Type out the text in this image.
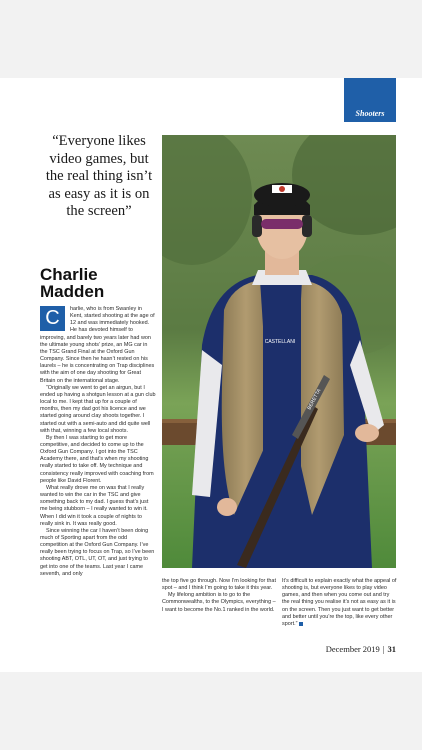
Shooters
“Everyone likes video games, but the real thing isn’t as easy as it is on the screen”
Charlie Madden
C	harlie, who is from Swanley in Kent, started shooting at the age of 12 and was immediately hooked. He has devoted himself to improving, and barely two years later had won the ultimate young shots’ prize, an MG car in the TSC Grand Final at the Oxford Gun Company. Since then he hasn’t rested on his laurels – he is concentrating on Trap disciplines with the aim of one day shooting for Great Britain on the international stage.

“Originally we went to get an airgun, but I ended up having a shotgun lesson at a gun club local to me. I kept that up for a couple of months, then my dad got his licence and we started going around clay shoots together. I started out with a semi-auto and did quite well with that, winning a few local shoots.

By then I was starting to get more competitive, and decided to come up to the Oxford Gun Company. I got into the TSC Academy there, and that’s when my shooting really started to take off. My technique and consistency really improved with coaching from people like David Florent.

What really drove me on was that I really wanted to win the car in the TSC and give something back to my dad. I guess that’s just me being stubborn – I really wanted to win it. When I did win it took a couple of nights to really sink in. It was really good.

Since winning the car I haven’t been doing much of Sporting apart from the odd competition at the Oxford Gun Company. I’ve really been trying to focus on Trap, so I’ve been shooting ABT, OTL, UT, OT, and just trying to get into one of the teams. Last year I came seventh, and only

CASTELLANI
BERETTA

the top five go through. Now I’m looking for that spot – and I think I’m going to take it this year.

My lifelong ambition is to go to the Commonwealths, to the Olympics, everything – I want to become the No.1 ranked in the world.

It’s difficult to explain exactly what the appeal of shooting is, but everyone likes to play video games, and then when you come out and try the real thing you realise it’s not as easy as it is on the screen. Then you just want to get better and better until you’re the top, like every other sport.”

December 2019 | 31
